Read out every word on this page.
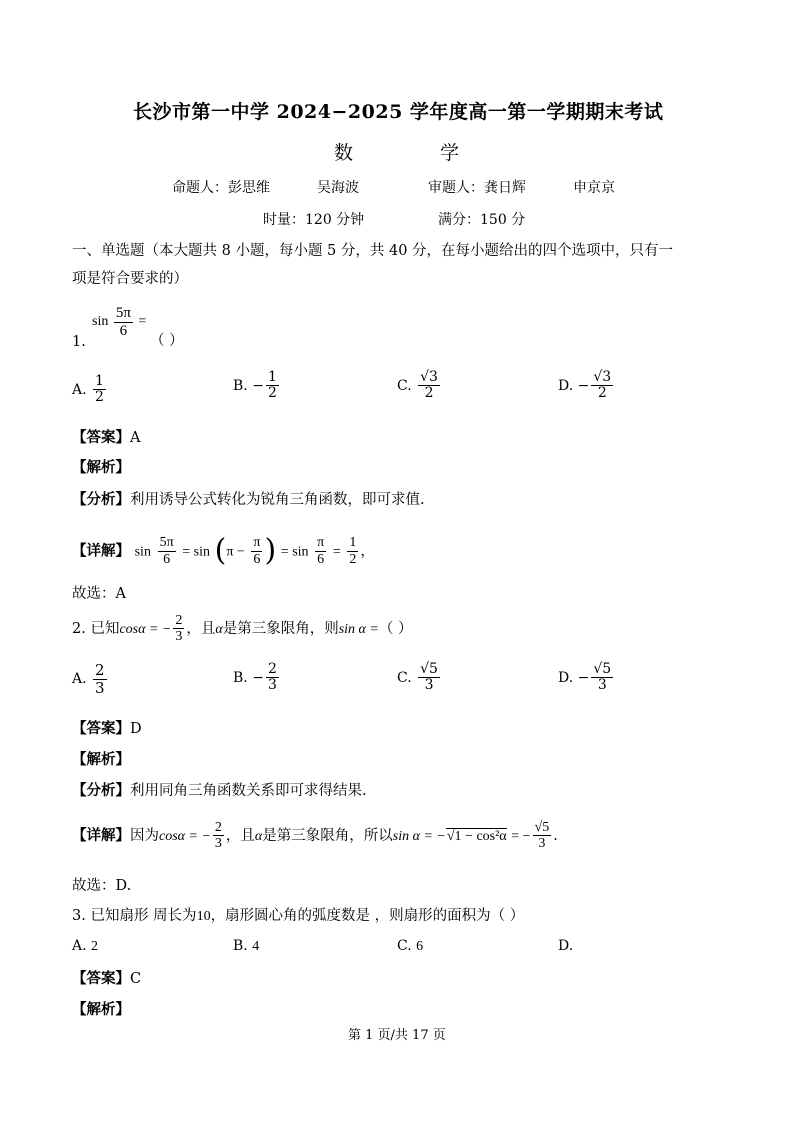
长沙市第一中学 2024−2025 学年度高一第一学期期末考试
数	学
命题人：彭思维	吴海波	审题人：龚日辉	申京京
时量：120 分钟	满分：150 分
一、单选题（本大题共 8 小题，每小题 5 分，共 40 分，在每小题给出的四个选项中，只有一
项是符合要求的）
$\sin \frac{5\pi}{6}$ =
1.	（ ）
A. $\frac{1}{2}$	B. − $\frac{1}{2}$	C. $\frac{√3}{2}$	D. − $\frac{√3}{2}$
【答案】A
【解析】
【分析】利用诱导公式转化为锐角三角函数，即可求值.
【详解】 $\sin \frac{5\pi}{6} = \sin (\pi - \frac{\pi}{6}$ ) = $\sin \frac{\pi}{6} = \frac{1}{2}$ ，
故选：A
2. 已知cosα = − $\frac{2}{3}$ ，且α是第三象限角，则sin α =（ ）
A. $\frac{2}{3}$	B. − $\frac{2}{3}$	C. $\frac{√5}{3}$	D. − $\frac{√5}{3}$
【答案】D
【解析】
【分析】利用同角三角函数关系即可求得结果.
【详解】因为cosα = − $\frac{2}{3}$ ，且α是第三象限角，所以sin α = −√1 − cos²α = − $\frac{√5}{3}$ .
故选：D.
3. 已知扇形 周长为10，扇形圆心角的弧度数是 ，则扇形的面积为（ ）
A. 2	B. 4	C. 6	D.
【答案】C
【解析】
第 1 页/共 17 页
